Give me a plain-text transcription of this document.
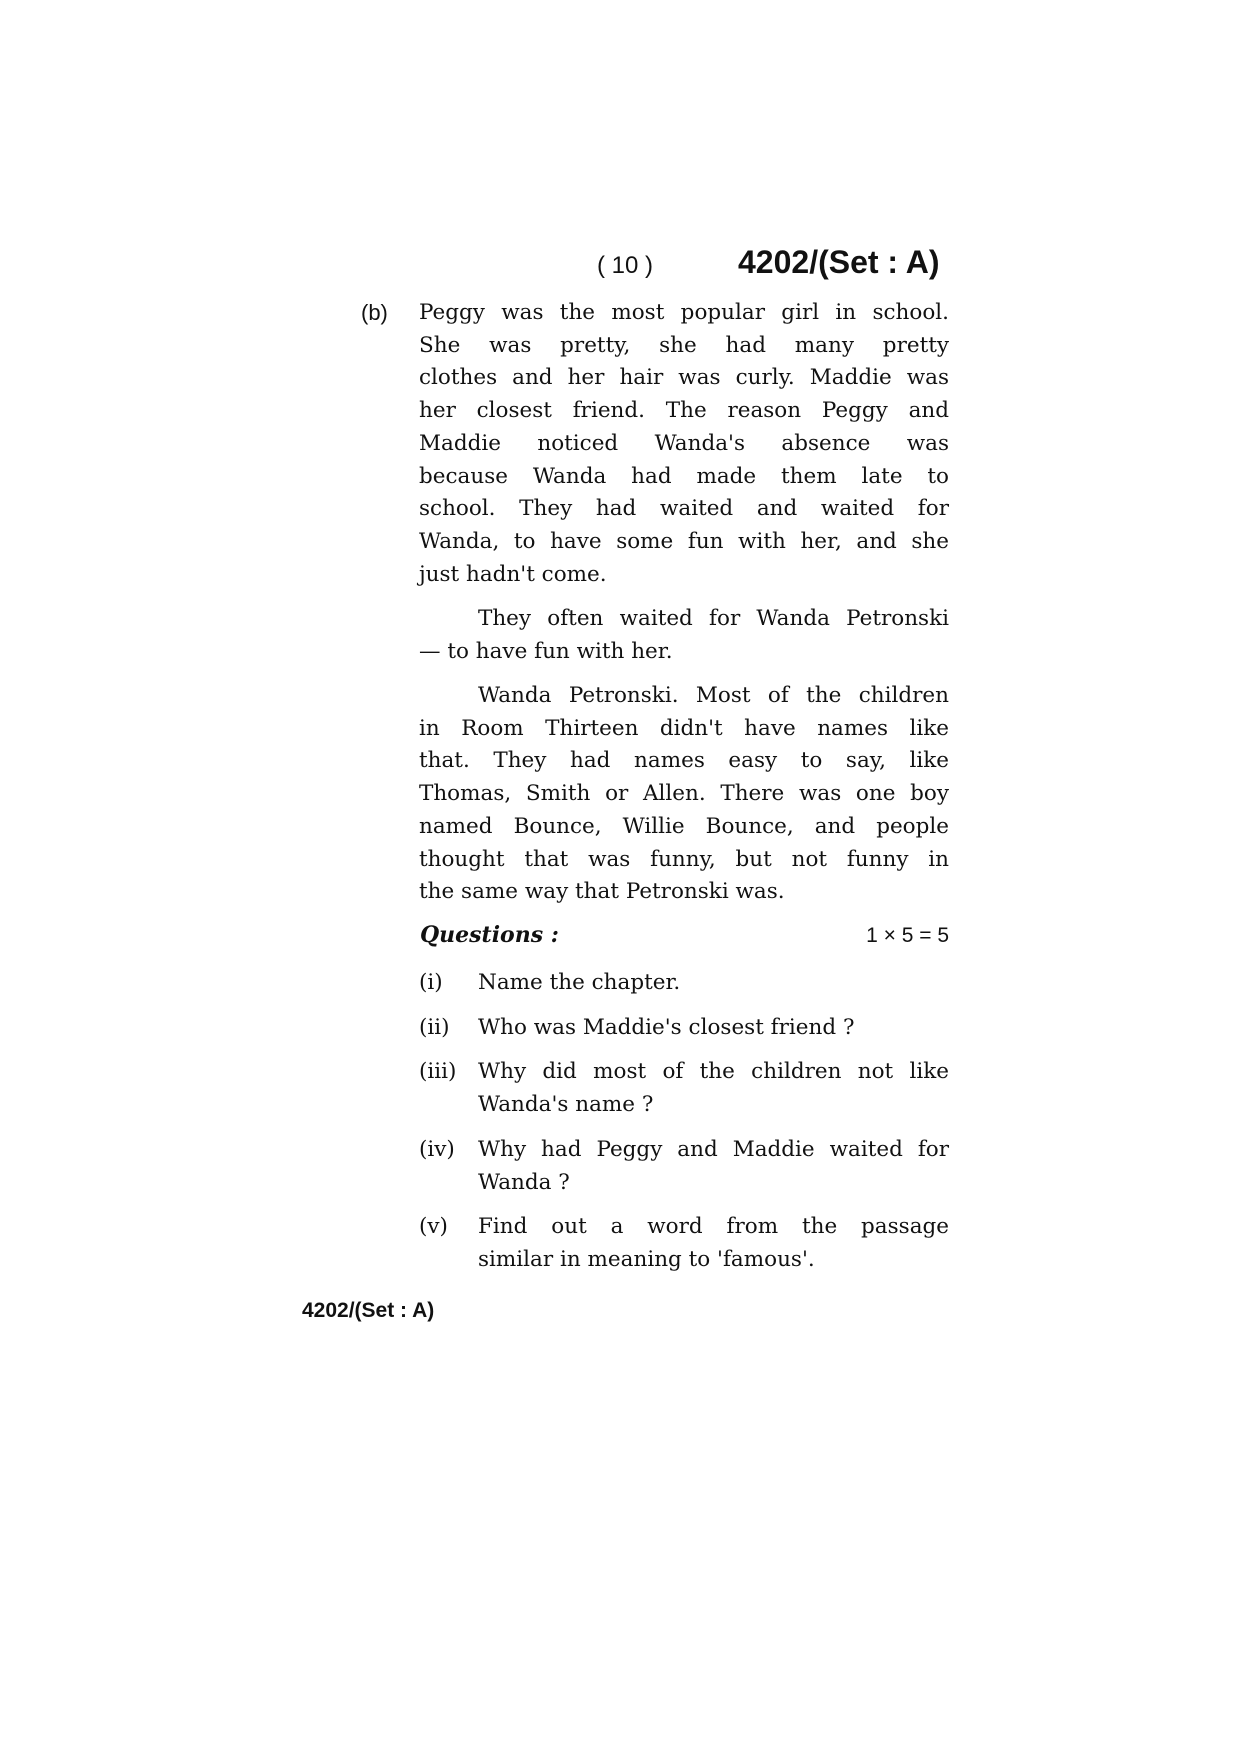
( 10 )	4202/(Set : A)
(b) Peggy was the most popular girl in school.
She was pretty, she had many pretty
clothes and her hair was curly. Maddie was
her closest friend. The reason Peggy and
Maddie noticed Wanda's absence was
because Wanda had made them late to
school. They had waited and waited for
Wanda, to have some fun with her, and she
just hadn't come.
They often waited for Wanda Petronski
— to have fun with her.
Wanda Petronski. Most of the children
in Room Thirteen didn't have names like
that. They had names easy to say, like
Thomas, Smith or Allen. There was one boy
named Bounce, Willie Bounce, and people
thought that was funny, but not funny in
the same way that Petronski was.
Questions :	1 × 5 = 5
(i) Name the chapter.
(ii) Who was Maddie's closest friend ?
(iii) Why did most of the children not like
Wanda's name ?
(iv) Why had Peggy and Maddie waited for
Wanda ?
(v) Find out a word from the passage
similar in meaning to 'famous'.
4202/(Set : A)
